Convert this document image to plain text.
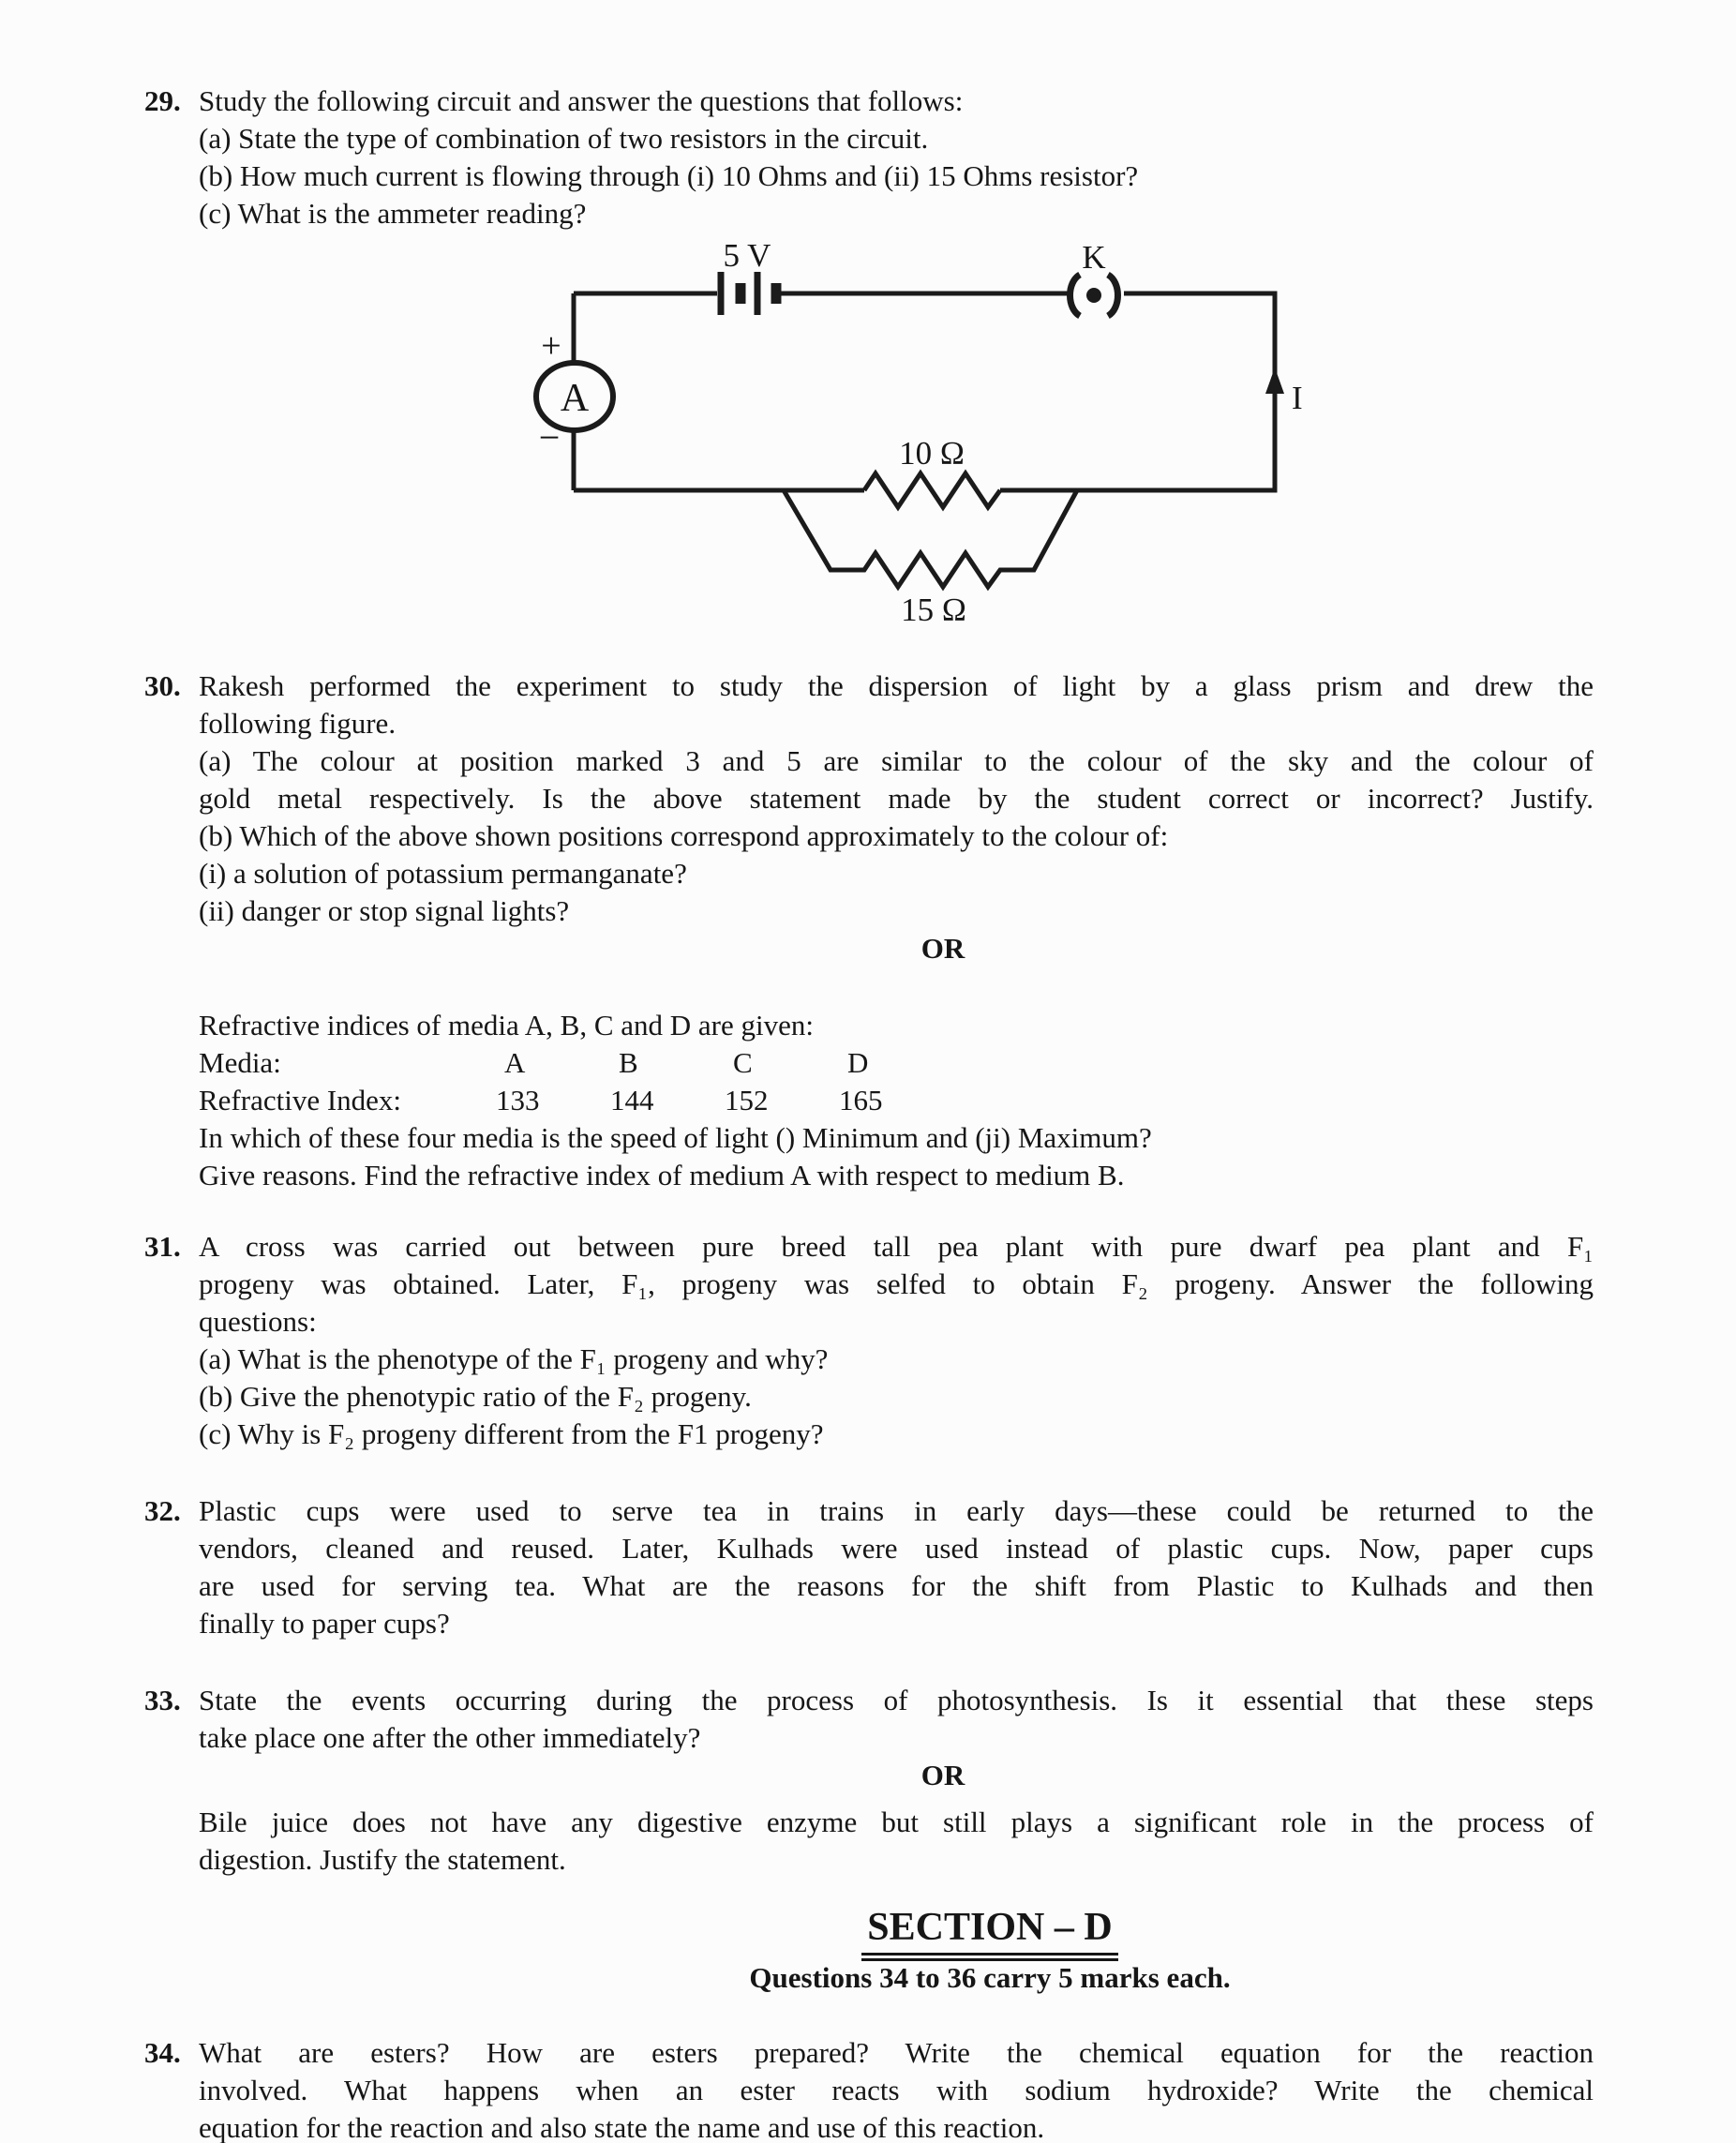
29. Study the following circuit and answer the questions that follows:
(a) State the type of combination of two resistors in the circuit.
(b) How much current is flowing through (i) 10 Ohms and (ii) 15 Ohms resistor?
(c) What is the ammeter reading?
5 V	K
I
A
+
−	10 Ω
15 Ω
30. Rakesh performed the experiment to study the dispersion of light by a glass prism and drew the
following figure.
(a) The colour at position marked 3 and 5 are similar to the colour of the sky and the colour of
gold metal respectively. Is the above statement made by the student correct or incorrect? Justify.
(b) Which of the above shown positions correspond approximately to the colour of:
(i) a solution of potassium permanganate?
(ii) danger or stop signal lights?
OR
Refractive indices of media A, B, C and D are given:
Media:	A	B	C	D
Refractive Index:	133 144 152 165
In which of these four media is the speed of light () Minimum and (ji) Maximum?
Give reasons. Find the refractive index of medium A with respect to medium B.
31. A cross was carried out between pure breed tall pea plant with pure dwarf pea plant and F₁
progeny was obtained. Later, F₁, progeny was selfed to obtain F₂ progeny. Answer the following
questions:
(a) What is the phenotype of the F₁ progeny and why?
(b) Give the phenotypic ratio of the F₂ progeny.
(c) Why is F₂ progeny different from the F1 progeny?
32. Plastic cups were used to serve tea in trains in early days—these could be returned to the
vendors, cleaned and reused. Later, Kulhads were used instead of plastic cups. Now, paper cups
are used for serving tea. What are the reasons for the shift from Plastic to Kulhads and then
finally to paper cups?
33. State the events occurring during the process of photosynthesis. Is it essential that these steps
take place one after the other immediately?
OR
Bile juice does not have any digestive enzyme but still plays a significant role in the process of
digestion. Justify the statement.
SECTION – D
Questions 34 to 36 carry 5 marks each.
34. What are esters? How are esters prepared? Write the chemical equation for the reaction
involved. What happens when an ester reacts with sodium hydroxide? Write the chemical
equation for the reaction and also state the name and use of this reaction.
